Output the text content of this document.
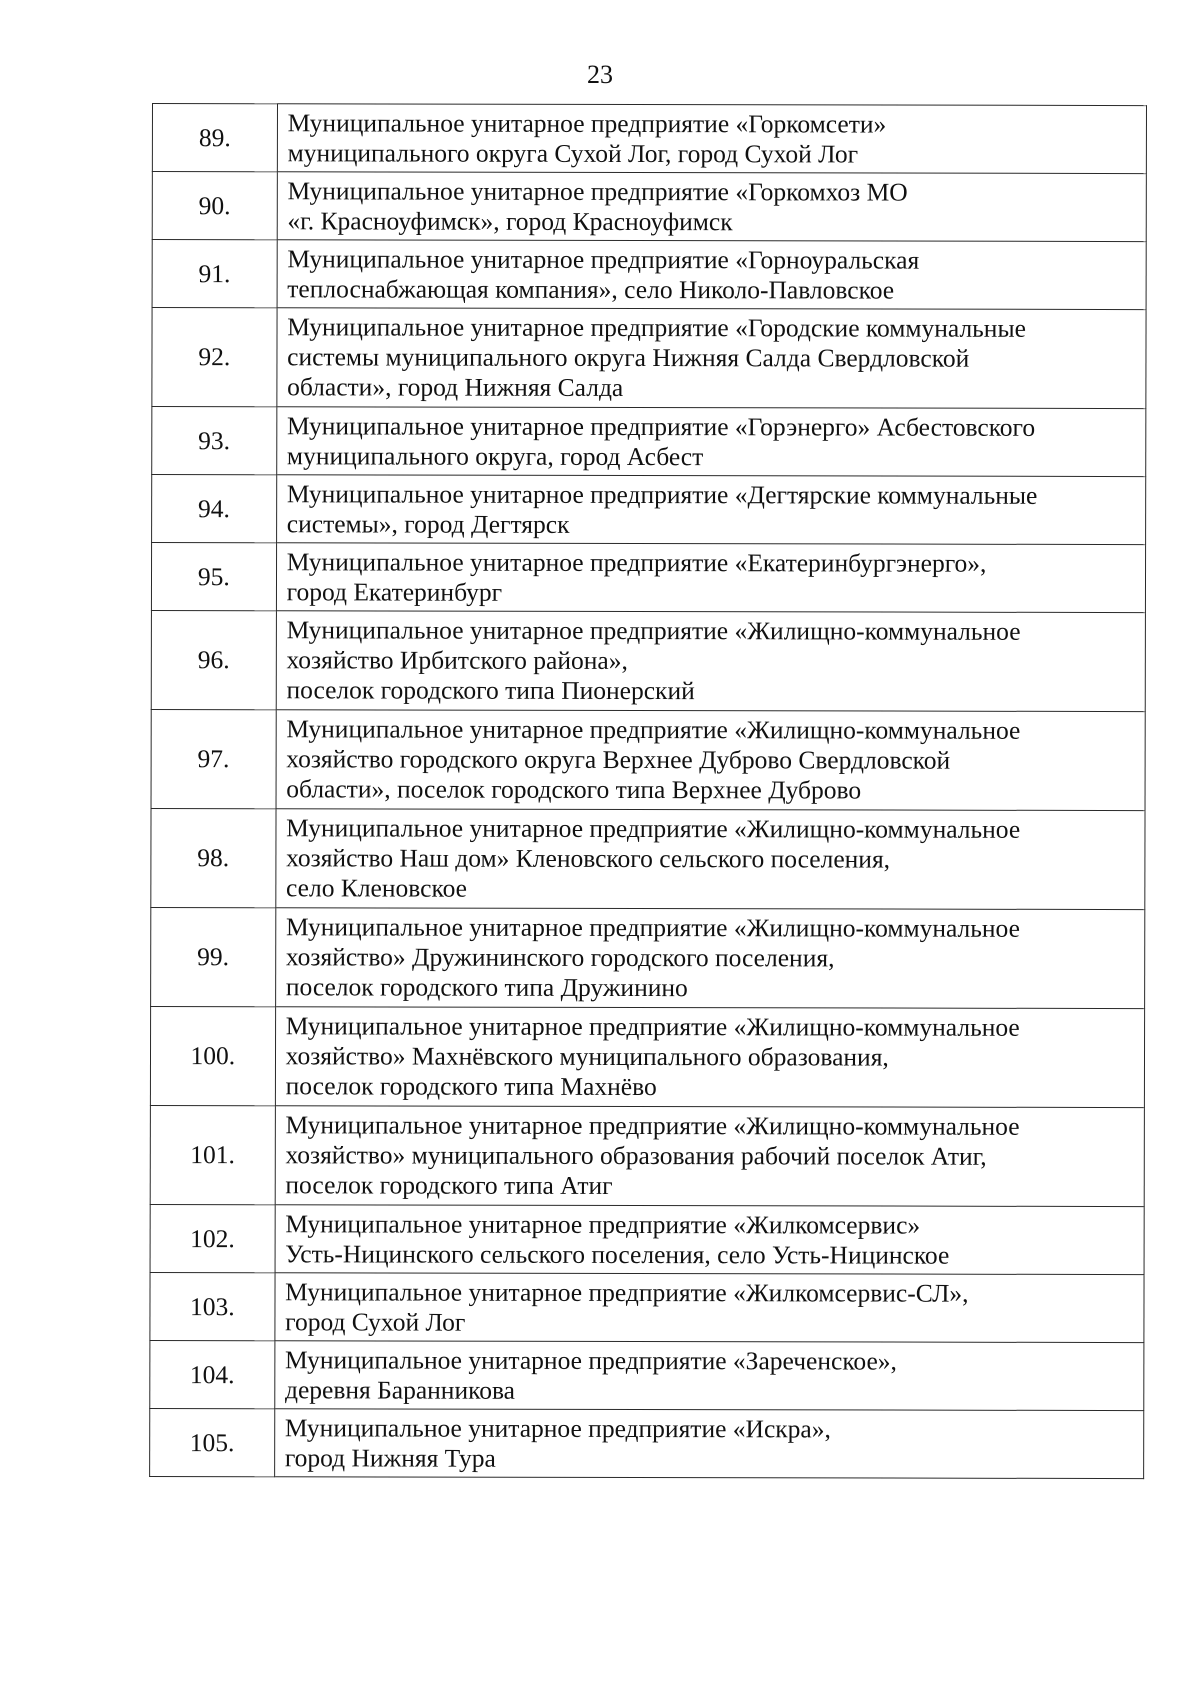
23
89.	Муниципальное унитарное предприятие «Горкомсети»
муниципального округа Сухой Лог, город Сухой Лог

90.	Муниципальное унитарное предприятие «Горкомхоз МО
«г. Красноуфимск», город Красноуфимск

91.	Муниципальное унитарное предприятие «Горноуральская
теплоснабжающая компания», село Николо-Павловское

92.	Муниципальное унитарное предприятие «Городские коммунальные
системы муниципального округа Нижняя Салда Свердловской
области», город Нижняя Салда

93.	Муниципальное унитарное предприятие «Горэнерго» Асбестовского
муниципального округа, город Асбест

94.	Муниципальное унитарное предприятие «Дегтярские коммунальные
системы», город Дегтярск

95.	Муниципальное унитарное предприятие «Екатеринбургэнерго»,
город Екатеринбург

96.	Муниципальное унитарное предприятие «Жилищно-коммунальное
хозяйство Ирбитского района»,
поселок городского типа Пионерский

97.	Муниципальное унитарное предприятие «Жилищно-коммунальное
хозяйство городского округа Верхнее Дуброво Свердловской
области», поселок городского типа Верхнее Дуброво

98.	Муниципальное унитарное предприятие «Жилищно-коммунальное
хозяйство Наш дом» Кленовского сельского поселения,
село Кленовское

99.	Муниципальное унитарное предприятие «Жилищно-коммунальное
хозяйство» Дружининского городского поселения,
поселок городского типа Дружинино

100.	Муниципальное унитарное предприятие «Жилищно-коммунальное
хозяйство» Махнёвского муниципального образования,
поселок городского типа Махнёво

101.	Муниципальное унитарное предприятие «Жилищно-коммунальное
хозяйство» муниципального образования рабочий поселок Атиг,
поселок городского типа Атиг

102.	Муниципальное унитарное предприятие «Жилкомсервис»
Усть-Ницинского сельского поселения, село Усть-Ницинское

103.	Муниципальное унитарное предприятие «Жилкомсервис-СЛ»,
город Сухой Лог

104.	Муниципальное унитарное предприятие «Зареченское»,
деревня Баранникова

105.	Муниципальное унитарное предприятие «Искра»,
город Нижняя Тура
